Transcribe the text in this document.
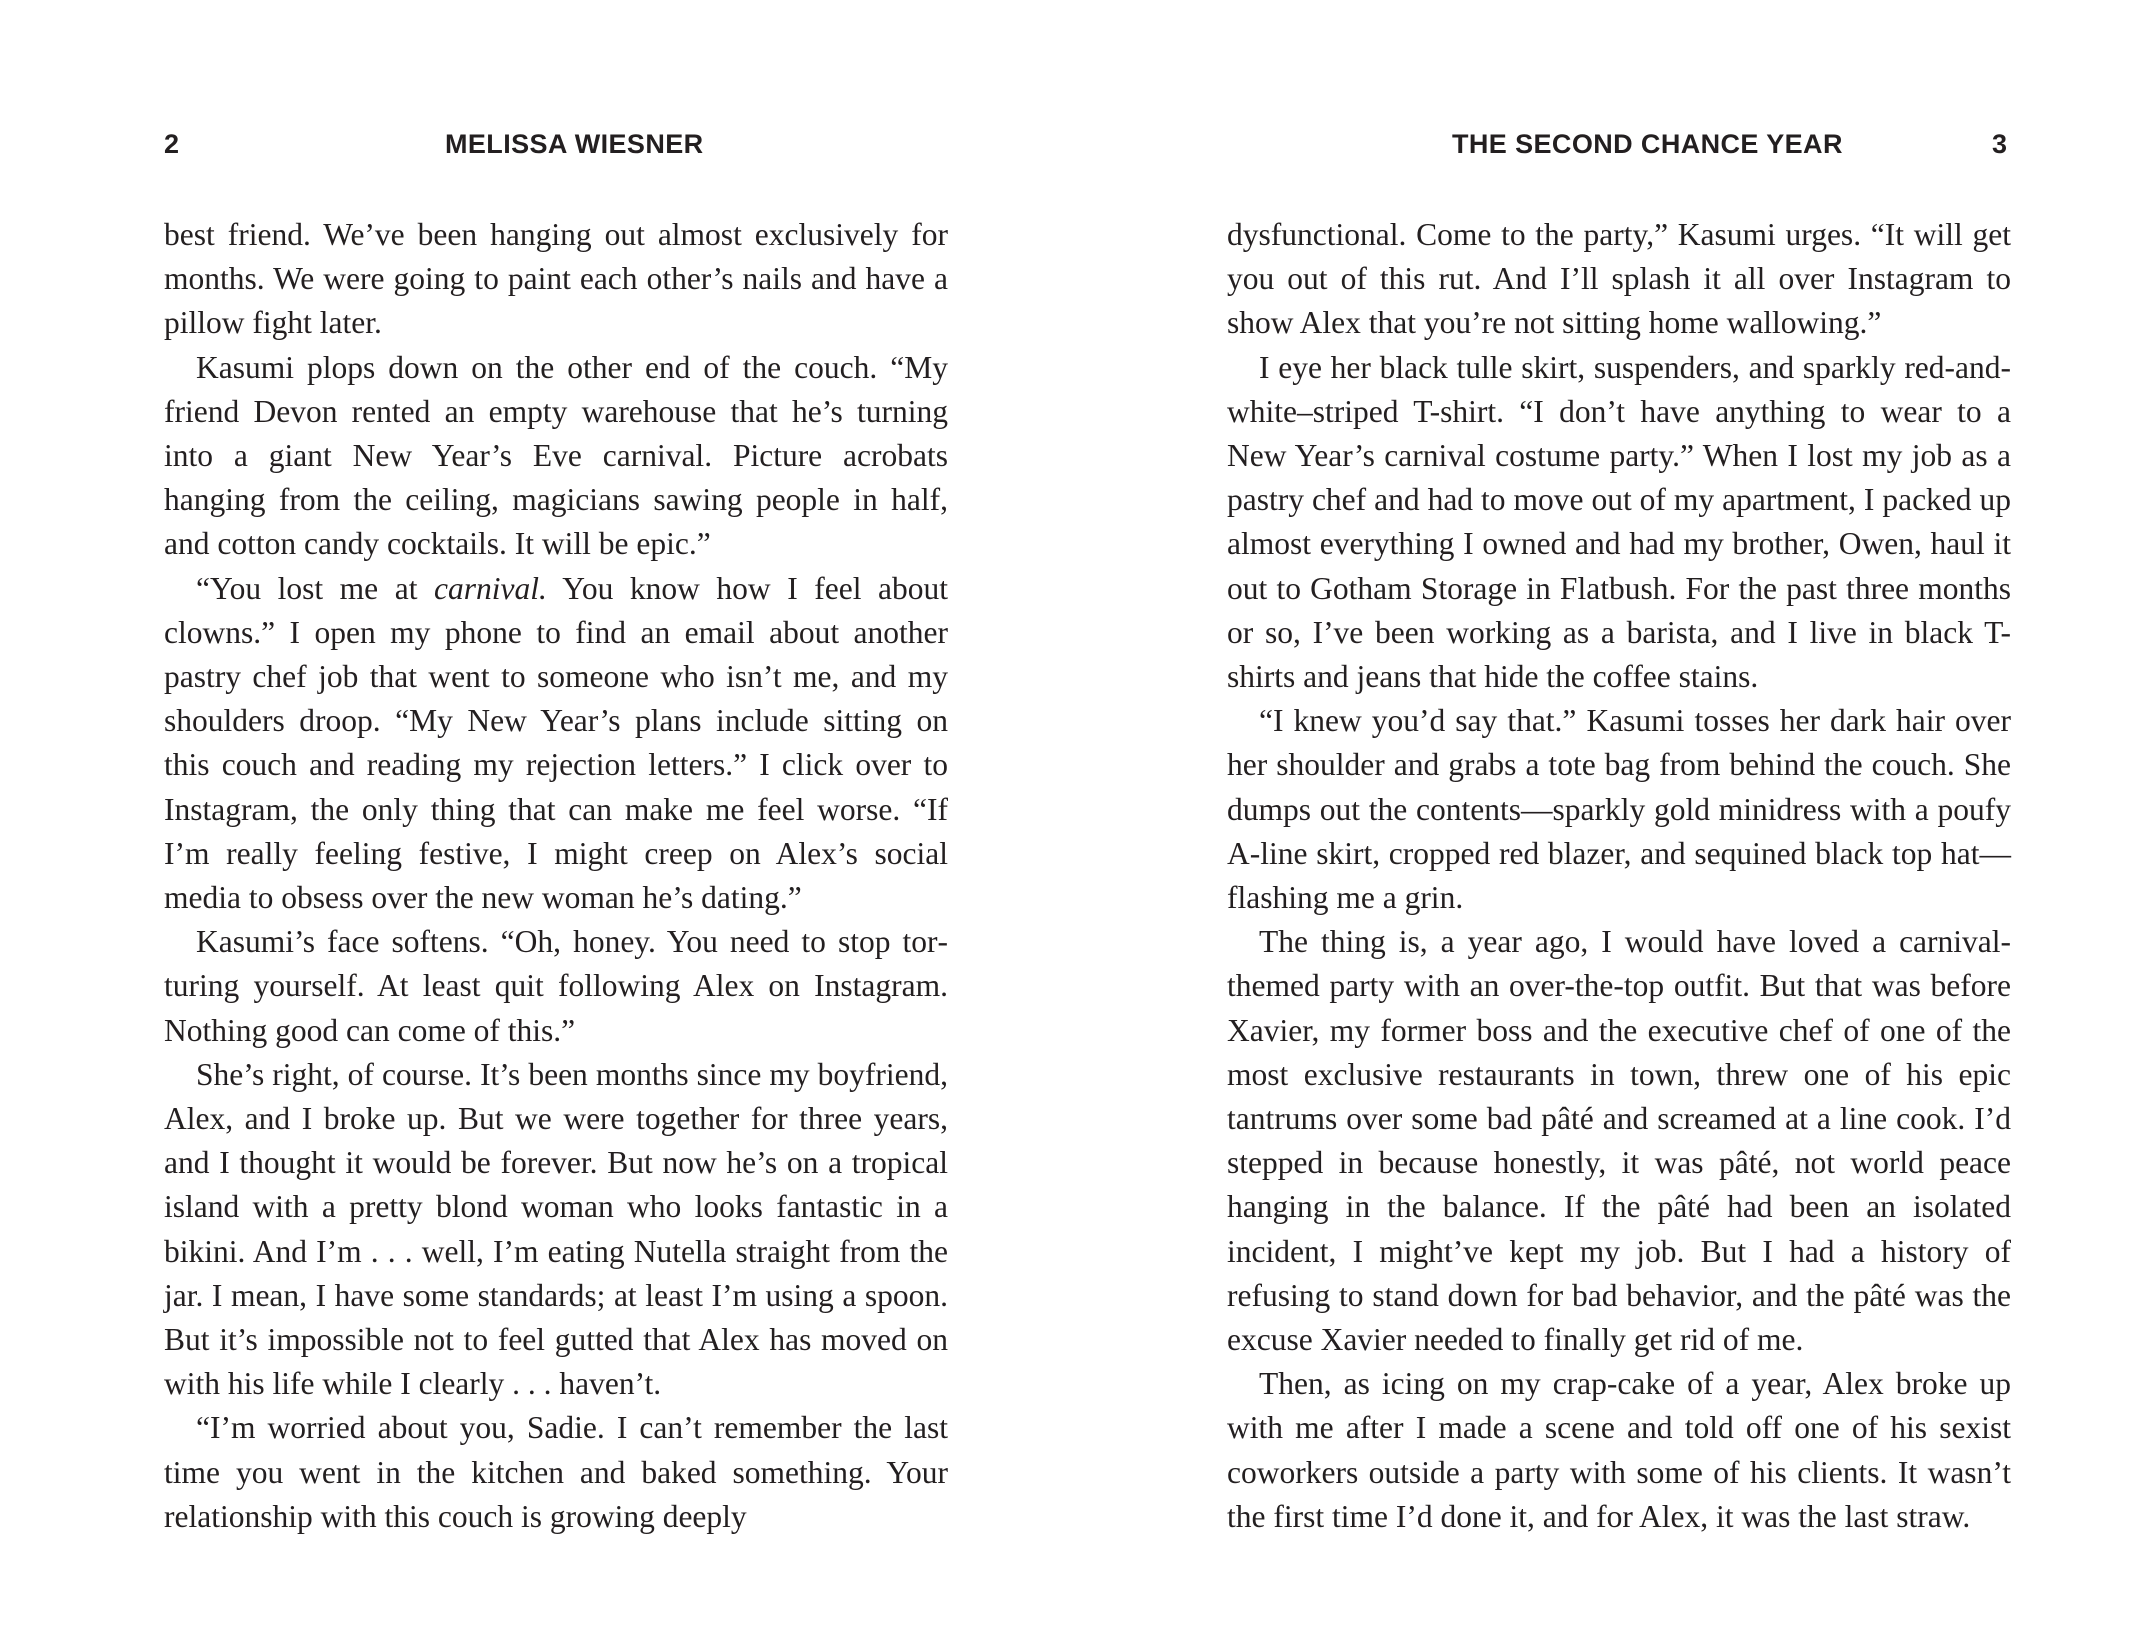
2	MELISSA WIESNER

best friend. We’ve been hanging out almost exclusively for months. We were going to paint each other’s nails and have a pillow fight later.

Kasumi plops down on the other end of the couch. “My friend Devon rented an empty warehouse that he’s turning into a giant New Year’s Eve carnival. Picture acrobats hanging from the ceiling, magicians sawing people in half, and cotton candy cocktails. It will be epic.”

“You lost me at carnival. You know how I feel about clowns.” I open my phone to find an email about another pastry chef job that went to someone who isn’t me, and my shoulders droop. “My New Year’s plans include sitting on this couch and reading my rejection letters.” I click over to Instagram, the only thing that can make me feel worse. “If I’m really feeling festive, I might creep on Alex’s social media to obsess over the new woman he’s dating.”

Kasumi’s face softens. “Oh, honey. You need to stop torturing yourself. At least quit following Alex on Instagram. Nothing good can come of this.”

She’s right, of course. It’s been months since my boyfriend, Alex, and I broke up. But we were together for three years, and I thought it would be forever. But now he’s on a tropical island with a pretty blond woman who looks fantastic in a bikini. And I’m . . . well, I’m eating Nutella straight from the jar. I mean, I have some standards; at least I’m using a spoon. But it’s impossible not to feel gutted that Alex has moved on with his life while I clearly . . . haven’t.

“I’m worried about you, Sadie. I can’t remember the last time you went in the kitchen and baked something. Your relationship with this couch is growing deeply

THE SECOND CHANCE YEAR	3

dysfunctional. Come to the party,” Kasumi urges. “It will get you out of this rut. And I’ll splash it all over Instagram to show Alex that you’re not sitting home wallowing.”

I eye her black tulle skirt, suspenders, and sparkly red-and-white–striped T-shirt. “I don’t have anything to wear to a New Year’s carnival costume party.” When I lost my job as a pastry chef and had to move out of my apartment, I packed up almost everything I owned and had my brother, Owen, haul it out to Gotham Storage in Flatbush. For the past three months or so, I’ve been working as a barista, and I live in black T-shirts and jeans that hide the coffee stains.

“I knew you’d say that.” Kasumi tosses her dark hair over her shoulder and grabs a tote bag from behind the couch. She dumps out the contents—sparkly gold minidress with a poufy A-line skirt, cropped red blazer, and sequined black top hat—flashing me a grin.

The thing is, a year ago, I would have loved a carnival-themed party with an over-the-top outfit. But that was before Xavier, my former boss and the executive chef of one of the most exclusive restaurants in town, threw one of his epic tantrums over some bad pâté and screamed at a line cook. I’d stepped in because honestly, it was pâté, not world peace hanging in the balance. If the pâté had been an isolated incident, I might’ve kept my job. But I had a history of refusing to stand down for bad behavior, and the pâté was the excuse Xavier needed to finally get rid of me.

Then, as icing on my crap-cake of a year, Alex broke up with me after I made a scene and told off one of his sexist coworkers outside a party with some of his clients. It wasn’t the first time I’d done it, and for Alex, it was the last straw.
